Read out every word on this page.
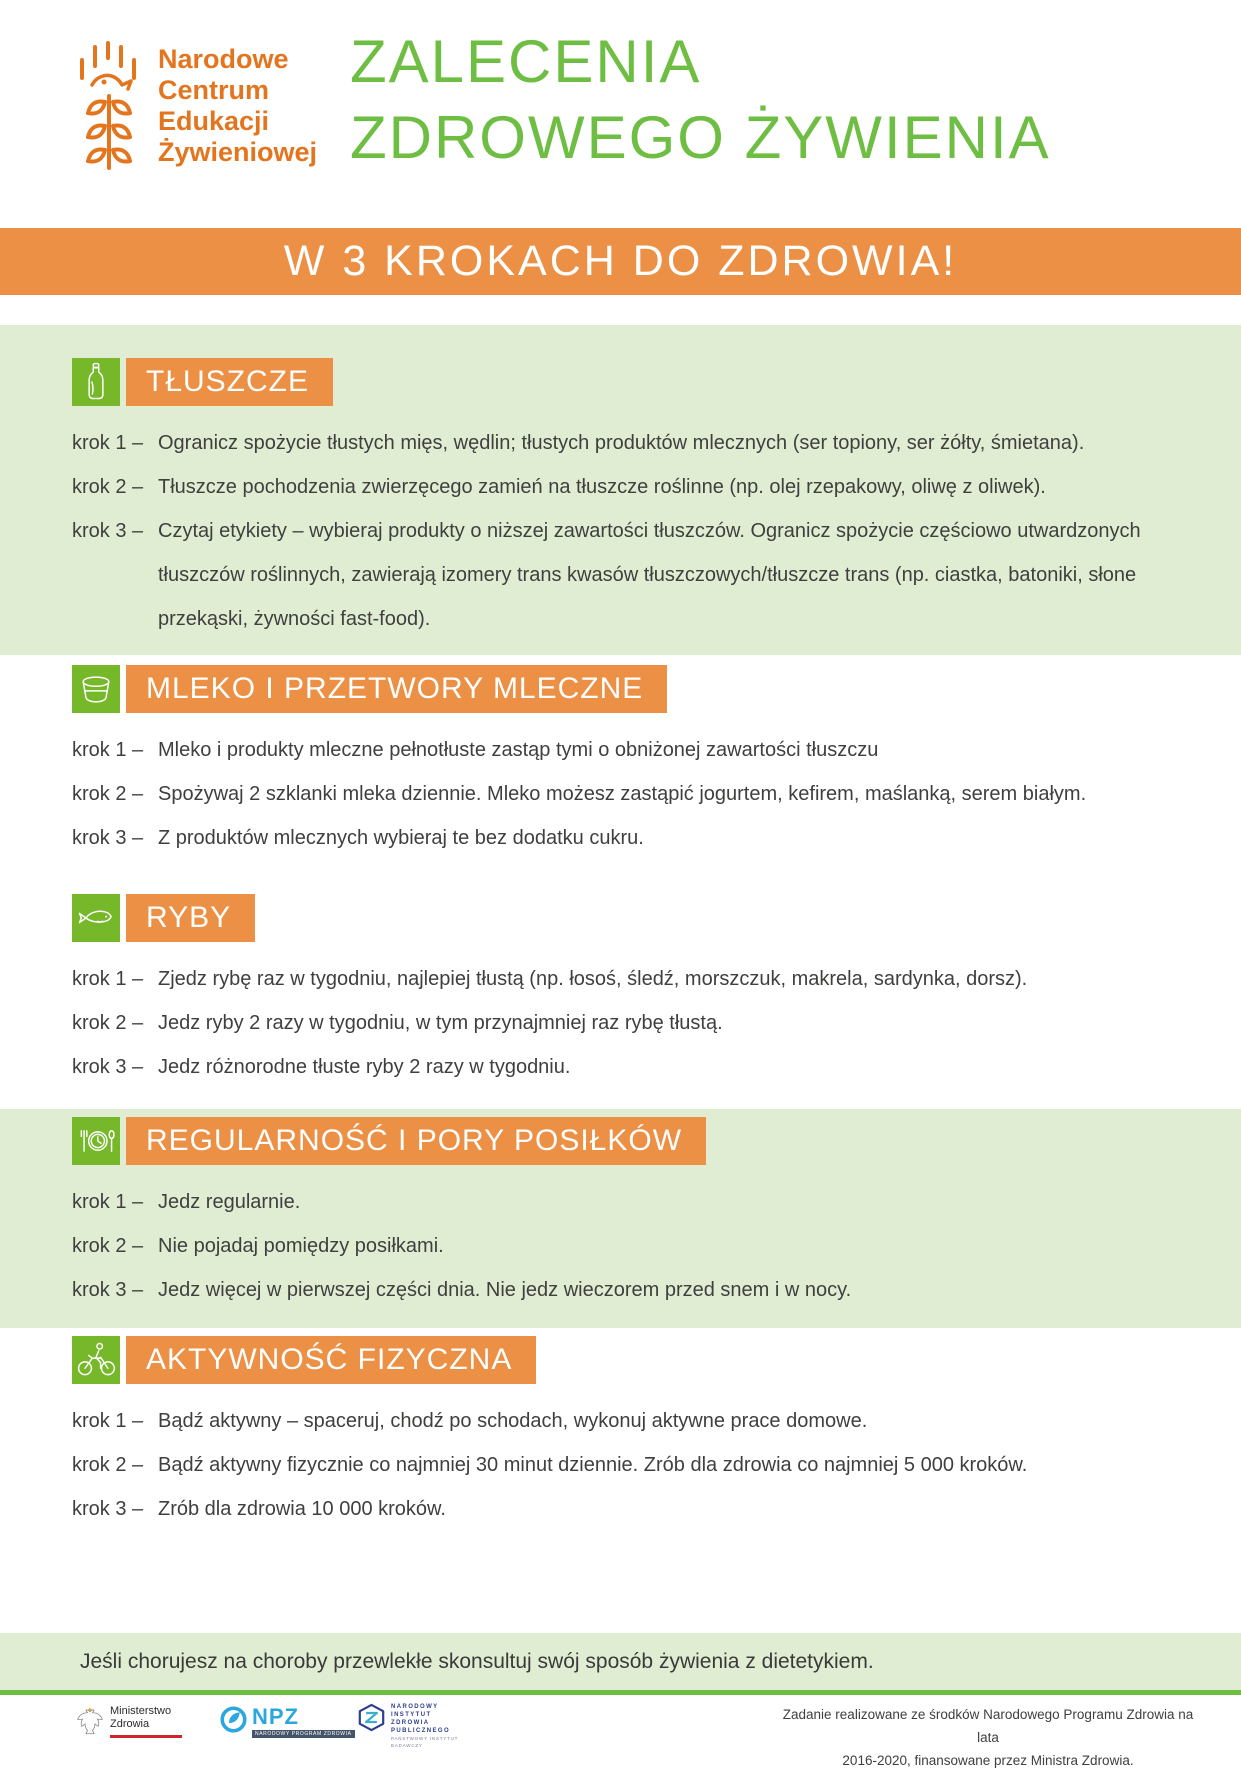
Narodowe
Centrum
Edukacji
Żywieniowej
ZALECENIA
ZDROWEGO ŻYWIENIA
W 3 KROKACH DO ZDROWIA!
TŁUSZCZE
krok 1 – Ogranicz spożycie tłustych mięs, wędlin; tłustych produktów mlecznych (ser topiony, ser żółty, śmietana).
krok 2 – Tłuszcze pochodzenia zwierzęcego zamień na tłuszcze roślinne (np. olej rzepakowy, oliwę z oliwek).
krok 3 – Czytaj etykiety – wybieraj produkty o niższej zawartości tłuszczów. Ogranicz spożycie częściowo utwardzonych tłuszczów roślinnych, zawierają izomery trans kwasów tłuszczowych/tłuszcze trans (np. ciastka, batoniki, słone przekąski, żywności fast-food).
MLEKO I PRZETWORY MLECZNE
krok 1 – Mleko i produkty mleczne pełnotłuste zastąp tymi o obniżonej zawartości tłuszczu
krok 2 – Spożywaj 2 szklanki mleka dziennie. Mleko możesz zastąpić jogurtem, kefirem, maślanką, serem białym.
krok 3 – Z produktów mlecznych wybieraj te bez dodatku cukru.
RYBY
krok 1 – Zjedz rybę raz w tygodniu, najlepiej tłustą (np. łosoś, śledź, morszczuk, makrela, sardynka, dorsz).
krok 2 – Jedz ryby 2 razy w tygodniu, w tym przynajmniej raz rybę tłustą.
krok 3 – Jedz różnorodne tłuste ryby 2 razy w tygodniu.
REGULARNOŚĆ I PORY POSIŁKÓW
krok 1 – Jedz regularnie.
krok 2 – Nie pojadaj pomiędzy posiłkami.
krok 3 – Jedz więcej w pierwszej części dnia. Nie jedz wieczorem przed snem i w nocy.
AKTYWNOŚĆ FIZYCZNA
krok 1 – Bądź aktywny – spaceruj, chodź po schodach, wykonuj aktywne prace domowe.
krok 2 – Bądź aktywny fizycznie co najmniej 30 minut dziennie. Zrób dla zdrowia co najmniej 5 000 kroków.
krok 3 – Zrób dla zdrowia 10 000 kroków.
Jeśli chorujesz na choroby przewlekłe skonsultuj swój sposób żywienia z dietetykiem.
Ministerstwo
Zdrowia	NPZ
NARODOWY PROGRAM ZDROWIA
NARODOWY
INSTYTUT
ZDROWIA
PUBLICZNEGO
PAŃSTWOWY INSTYTUT
BADAWCZY
Zadanie realizowane ze środków Narodowego Programu Zdrowia na lata
2016-2020, finansowane przez Ministra Zdrowia.
